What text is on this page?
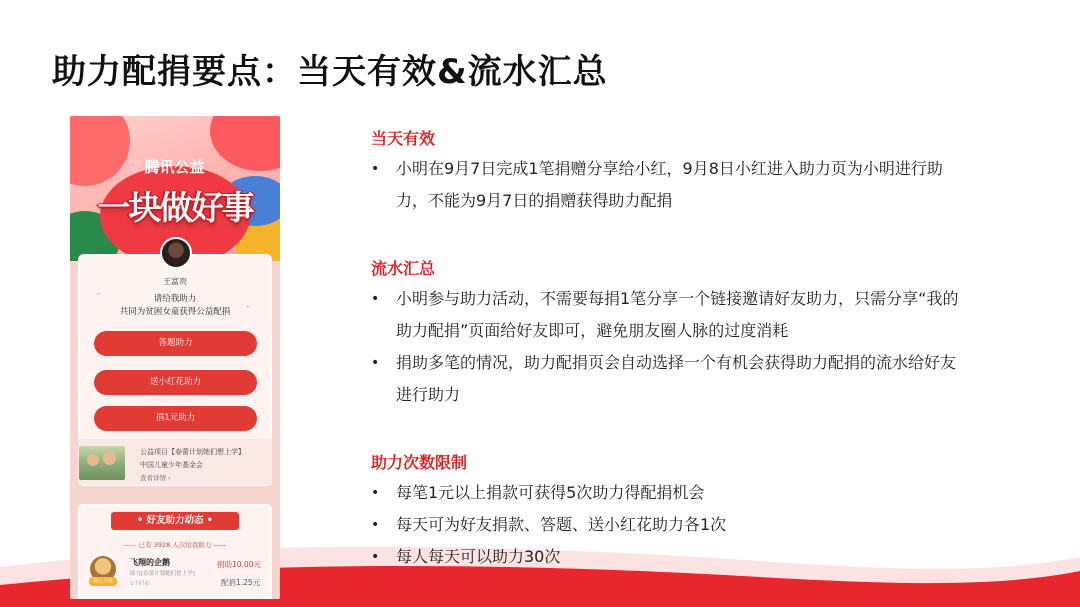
助力配捐要点：当天有效&流水汇总
♡ 腾讯公益
一块做好事
王富贵
“	请给我助力
共同为贫困女童获得公益配捐	”
答题助力
送小红花助力
捐1元助力
公益项目【春蕾计划她们想上学】
中国儿童少年基金会
查看详情 ›
• 好友助力动态 •
—— 已有 3928 人次给我助力 ——
爱心大使
飞翔的企鹅
助力[春蕾计划她们想上学]
1小时前
捐助10.00元
配捐1.25元
当天有效
•	小明在9月7日完成1笔捐赠分享给小红，9月8日小红进入助力页为小明进行助力，不能为9月7日的捐赠获得助力配捐
流水汇总
•	小明参与助力活动，不需要每捐1笔分享一个链接邀请好友助力，只需分享“我的助力配捐”页面给好友即可，避免朋友圈人脉的过度消耗
•	捐助多笔的情况，助力配捐页会自动选择一个有机会获得助力配捐的流水给好友进行助力
助力次数限制
•	每笔1元以上捐款可获得5次助力得配捐机会
•	每天可为好友捐款、答题、送小红花助力各1次
•	每人每天可以助力30次
